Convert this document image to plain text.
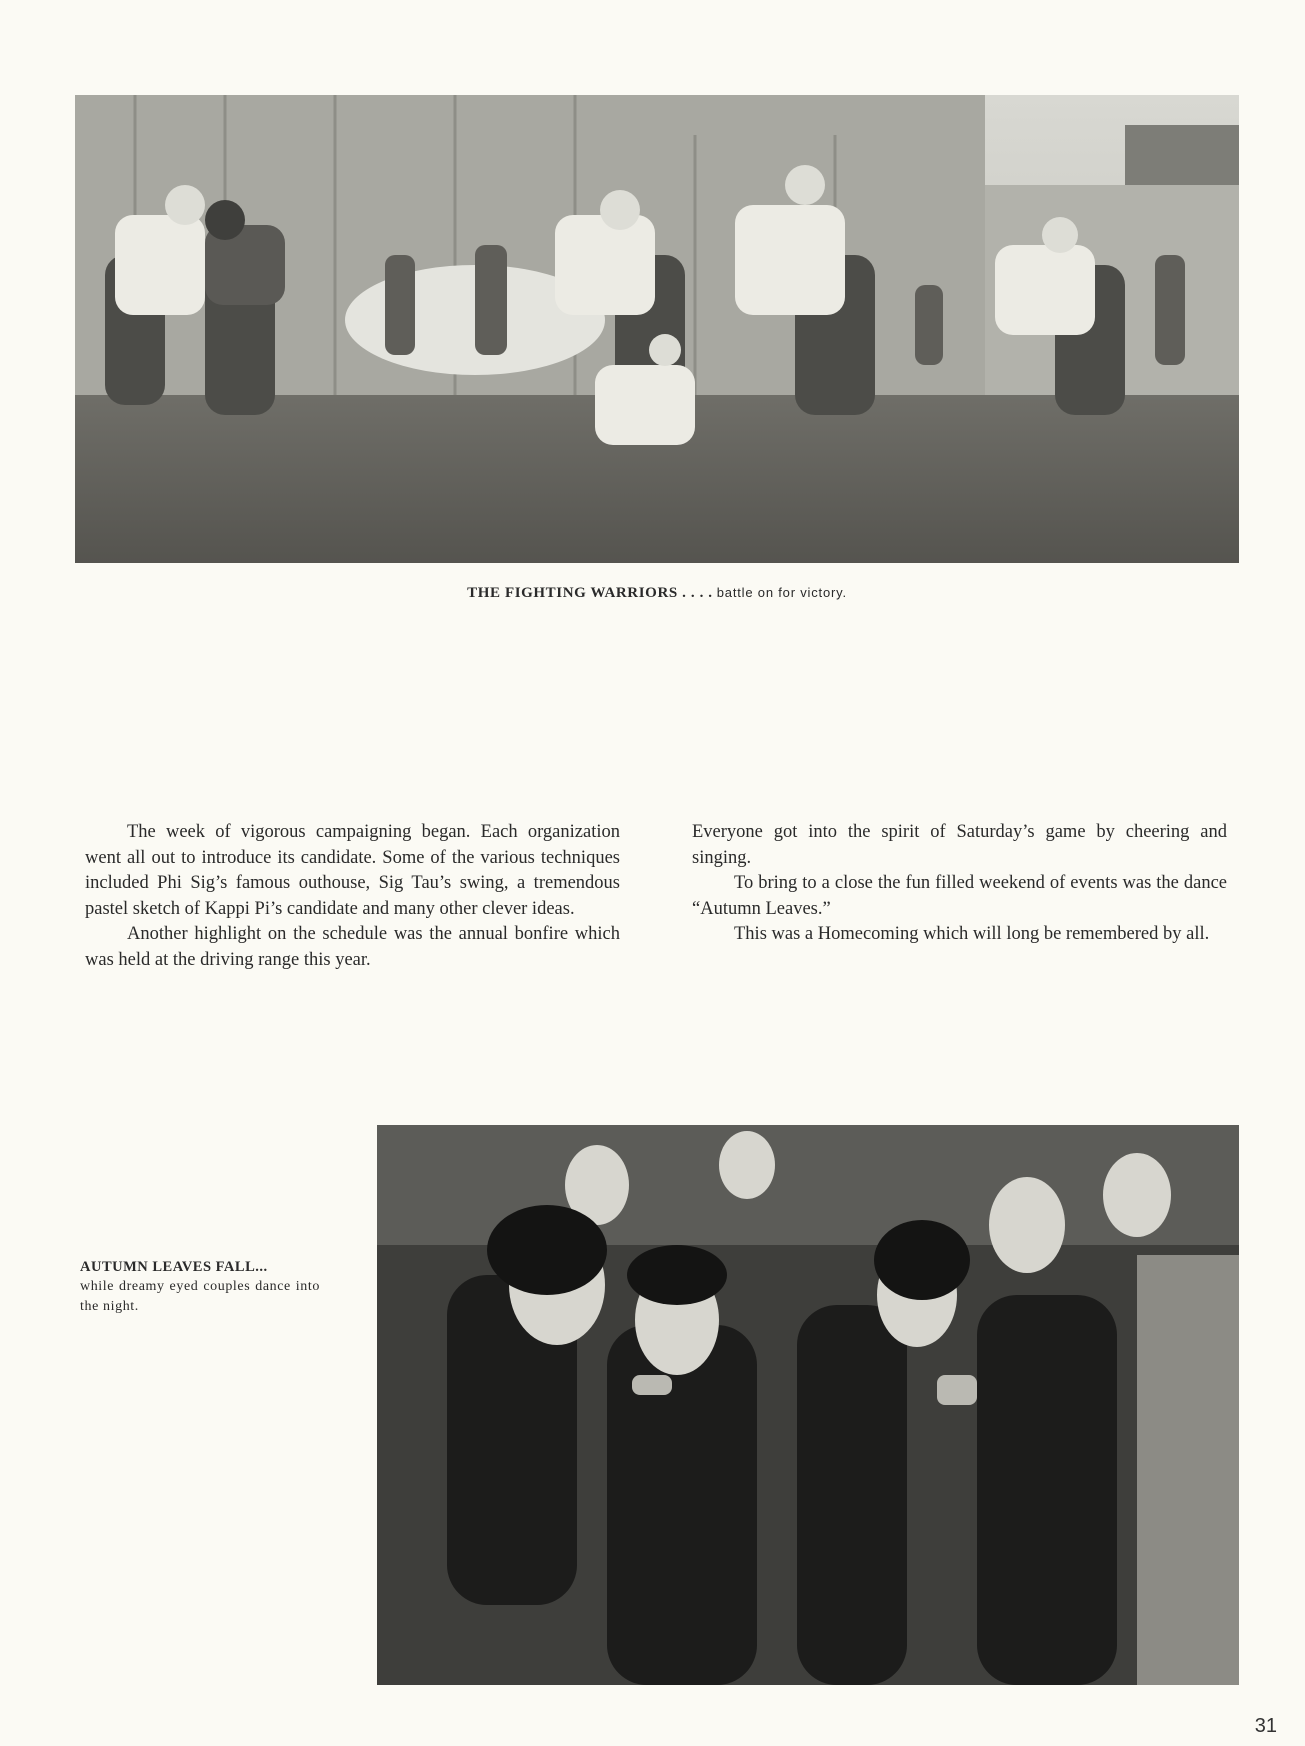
THE FIGHTING WARRIORS . . . . battle on for victory.

The week of vigorous campaigning began. Each organization went all out to introduce its candidate. Some of the various techniques included Phi Sig’s famous outhouse, Sig Tau’s swing, a tremendous pastel sketch of Kappi Pi’s candidate and many other clever ideas.

Another highlight on the schedule was the annual bonfire which was held at the driving range this year.

Everyone got into the spirit of Saturday’s game by cheering and singing.

To bring to a close the fun filled weekend of events was the dance “Autumn Leaves.”

This was a Homecoming which will long be remembered by all.

AUTUMN LEAVES FALL...
while dreamy eyed couples dance into the night.
31
